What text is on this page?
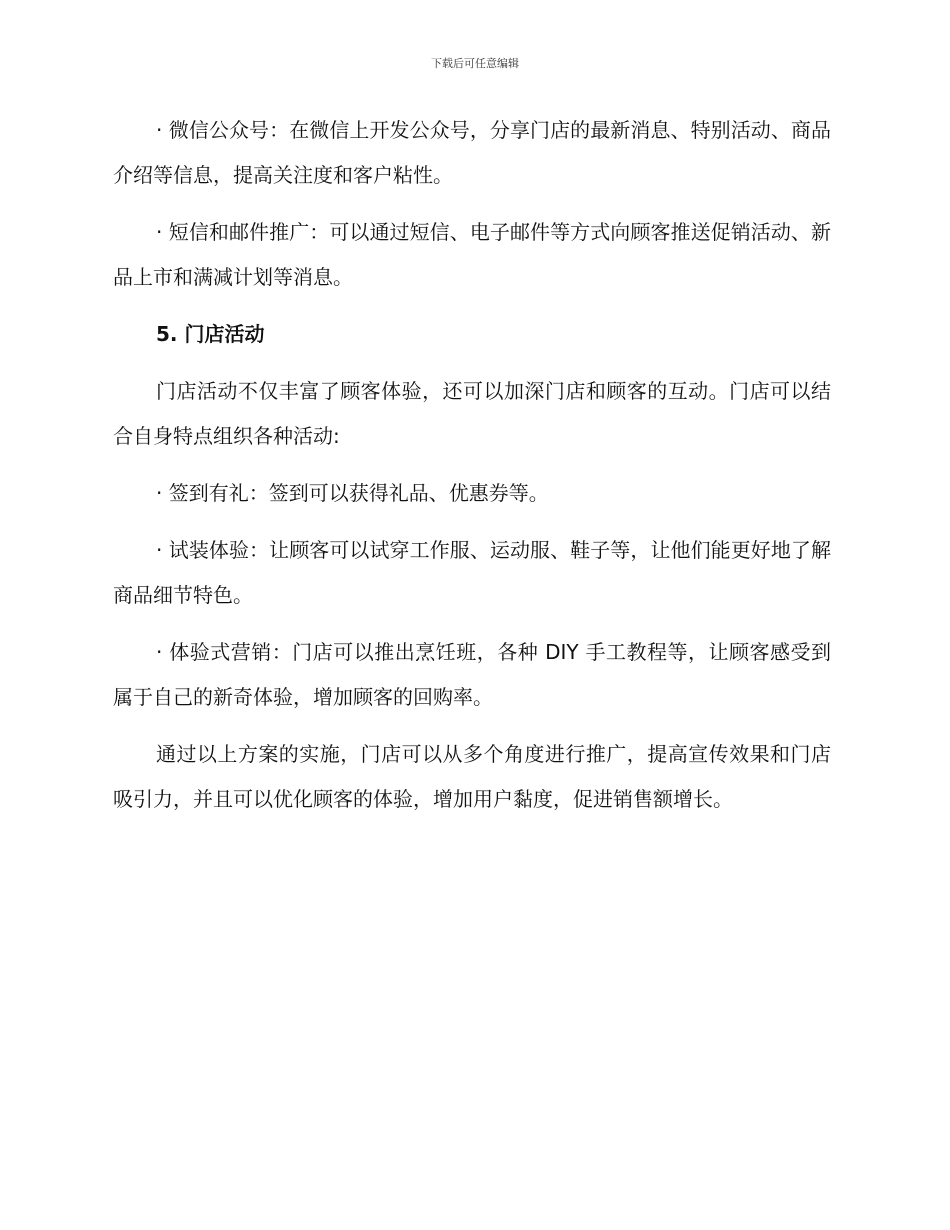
下载后可任意编辑

· 微信公众号：在微信上开发公众号，分享门店的最新消息、特别活动、商品介绍等信息，提高关注度和客户粘性。

· 短信和邮件推广：可以通过短信、电子邮件等方式向顾客推送促销活动、新品上市和满减计划等消息。

5. 门店活动

门店活动不仅丰富了顾客体验，还可以加深门店和顾客的互动。门店可以结合自身特点组织各种活动:

· 签到有礼：签到可以获得礼品、优惠券等。

· 试装体验：让顾客可以试穿工作服、运动服、鞋子等，让他们能更好地了解商品细节特色。

· 体验式营销：门店可以推出烹饪班，各种 DIY 手工教程等，让顾客感受到属于自己的新奇体验，增加顾客的回购率。

通过以上方案的实施，门店可以从多个角度进行推广，提高宣传效果和门店吸引力，并且可以优化顾客的体验，增加用户黏度，促进销售额增长。
